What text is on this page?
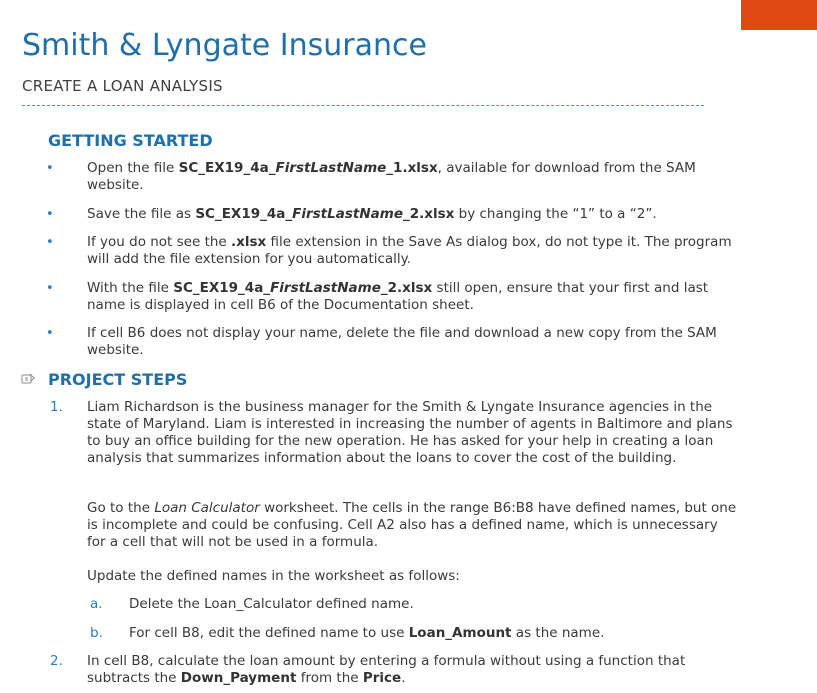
Smith & Lyngate Insurance
CREATE A LOAN ANALYSIS
GETTING STARTED
• Open the file SC_EX19_4a_FirstLastName_1.xlsx, available for download from the SAM website.

• Save the file as SC_EX19_4a_FirstLastName_2.xlsx by changing the “1” to a “2”.

• If you do not see the .xlsx file extension in the Save As dialog box, do not type it. The program will add the file extension for you automatically.

• With the file SC_EX19_4a_FirstLastName_2.xlsx still open, ensure that your first and last name is displayed in cell B6 of the Documentation sheet.

• If cell B6 does not display your name, delete the file and download a new copy from the SAM website.

PROJECT STEPS
1. Liam Richardson is the business manager for the Smith & Lyngate Insurance agencies in the state of Maryland. Liam is interested in increasing the number of agents in Baltimore and plans to buy an office building for the new operation. He has asked for your help in creating a loan analysis that summarizes information about the loans to cover the cost of the building.

Go to the Loan Calculator worksheet. The cells in the range B6:B8 have defined names, but one is incomplete and could be confusing. Cell A2 also has a defined name, which is unnecessary for a cell that will not be used in a formula.

Update the defined names in the worksheet as follows:

a. Delete the Loan_Calculator defined name.

b. For cell B8, edit the defined name to use Loan_Amount as the name.

2. In cell B8, calculate the loan amount by entering a formula without using a function that subtracts the Down_Payment from the Price.
